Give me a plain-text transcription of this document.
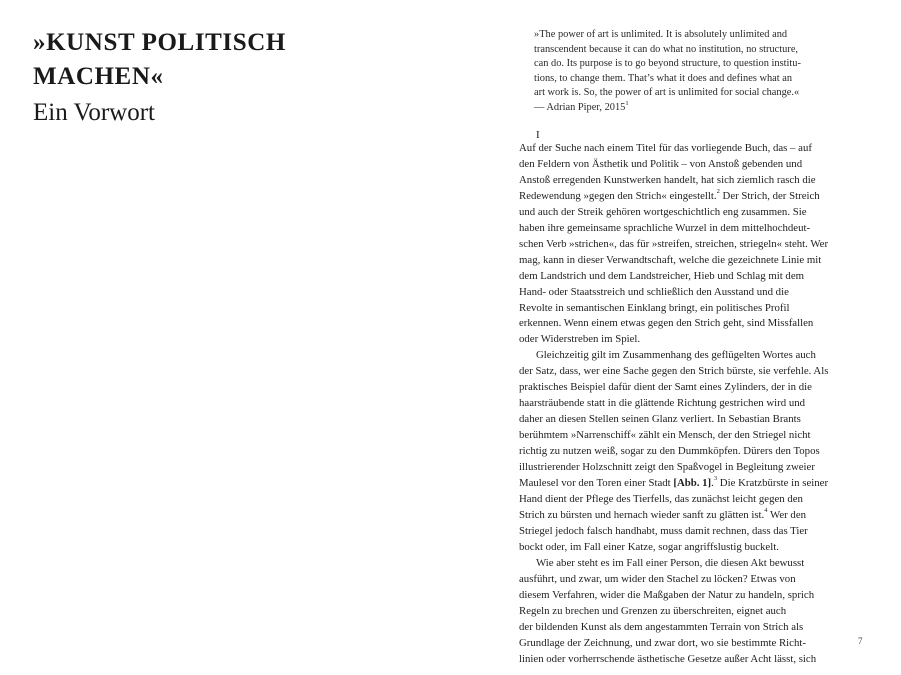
»KUNST POLITISCH
MACHEN«
Ein Vorwort
»The power of art is unlimited. It is absolutely unlimited and
transcendent because it can do what no institution, no structure,
can do. Its purpose is to go beyond structure, to question institu-
tions, to change them. That’s what it does and defines what an
art work is. So, the power of art is unlimited for social change.«
— Adrian Piper, 2015$^1$
I
Auf der Suche nach einem Titel für das vorliegende Buch, das – auf
den Feldern von Ästhetik und Politik – von Anstoß gebenden und
Anstoß erregenden Kunstwerken handelt, hat sich ziemlich rasch die
Redewendung »gegen den Strich« eingestellt.$^2$ Der Strich, der Streich
und auch der Streik gehören wortgeschichtlich eng zusammen. Sie
haben ihre gemeinsame sprachliche Wurzel in dem mittelhochdeut-
schen Verb »strichen«, das für »streifen, streichen, striegeln« steht. Wer
mag, kann in dieser Verwandtschaft, welche die gezeichnete Linie mit
dem Landstrich und dem Landstreicher, Hieb und Schlag mit dem
Hand- oder Staatsstreich und schließlich den Ausstand und die
Revolte in semantischen Einklang bringt, ein politisches Profil
erkennen. Wenn einem etwas gegen den Strich geht, sind Missfallen
oder Widerstreben im Spiel.
Gleichzeitig gilt im Zusammenhang des geflügelten Wortes auch
der Satz, dass, wer eine Sache gegen den Strich bürste, sie verfehle. Als
praktisches Beispiel dafür dient der Samt eines Zylinders, der in die
haarsträubende statt in die glättende Richtung gestrichen wird und
daher an diesen Stellen seinen Glanz verliert. In Sebastian Brants
berühmtem »Narrenschiff« zählt ein Mensch, der den Striegel nicht
richtig zu nutzen weiß, sogar zu den Dummköpfen. Dürers den Topos
illustrierender Holzschnitt zeigt den Spaßvogel in Begleitung zweier
Maulesel vor den Toren einer Stadt [Abb. 1].$^3$ Die Kratzbürste in seiner
Hand dient der Pflege des Tierfells, das zunächst leicht gegen den
Strich zu bürsten und hernach wieder sanft zu glätten ist.$^4$ Wer den
Striegel jedoch falsch handhabt, muss damit rechnen, dass das Tier
bockt oder, im Fall einer Katze, sogar angriffslustig buckelt.
Wie aber steht es im Fall einer Person, die diesen Akt bewusst
ausführt, und zwar, um wider den Stachel zu löcken? Etwas von
diesem Verfahren, wider die Maßgaben der Natur zu handeln, sprich
Regeln zu brechen und Grenzen zu überschreiten, eignet auch
der bildenden Kunst als dem angestammten Terrain von Strich als
Grundlage der Zeichnung, und zwar dort, wo sie bestimmte Richt-
linien oder vorherrschende ästhetische Gesetze außer Acht lässt, sich
7
